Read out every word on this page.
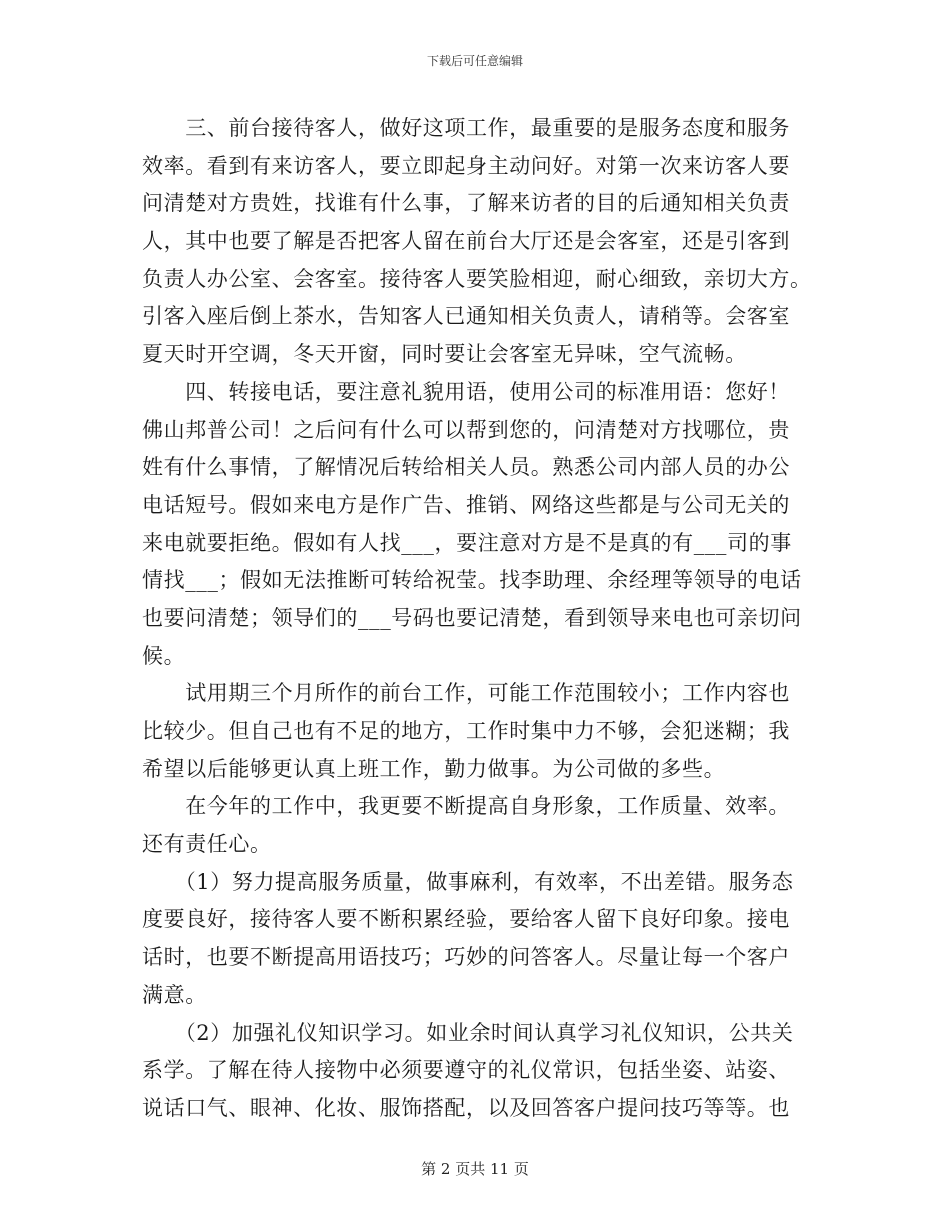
下载后可任意编辑
　　三、前台接待客人，做好这项工作，最重要的是服务态度和服务
效率。看到有来访客人，要立即起身主动问好。对第一次来访客人要
问清楚对方贵姓，找谁有什么事，了解来访者的目的后通知相关负责
人，其中也要了解是否把客人留在前台大厅还是会客室，还是引客到
负责人办公室、会客室。接待客人要笑脸相迎，耐心细致，亲切大方。
引客入座后倒上茶水，告知客人已通知相关负责人，请稍等。会客室
夏天时开空调，冬天开窗，同时要让会客室无异味，空气流畅。
　　四、转接电话，要注意礼貌用语，使用公司的标准用语：您好！
佛山邦普公司！之后问有什么可以帮到您的，问清楚对方找哪位，贵
姓有什么事情，了解情况后转给相关人员。熟悉公司内部人员的办公
电话短号。假如来电方是作广告、推销、网络这些都是与公司无关的
来电就要拒绝。假如有人找___，要注意对方是不是真的有___司的事
情找___；假如无法推断可转给祝莹。找李助理、余经理等领导的电话
也要问清楚；领导们的___号码也要记清楚，看到领导来电也可亲切问
候。
　　试用期三个月所作的前台工作，可能工作范围较小；工作内容也
比较少。但自己也有不足的地方，工作时集中力不够，会犯迷糊；我
希望以后能够更认真上班工作，勤力做事。为公司做的多些。
　　在今年的工作中，我更要不断提高自身形象，工作质量、效率。
还有责任心。
　　（1）努力提高服务质量，做事麻利，有效率，不出差错。服务态
度要良好，接待客人要不断积累经验，要给客人留下良好印象。接电
话时，也要不断提高用语技巧；巧妙的问答客人。尽量让每一个客户
满意。
　　（2）加强礼仪知识学习。如业余时间认真学习礼仪知识，公共关
系学。了解在待人接物中必须要遵守的礼仪常识，包括坐姿、站姿、
说话口气、眼神、化妆、服饰搭配，以及回答客户提问技巧等等。也
第 2 页共 11 页
